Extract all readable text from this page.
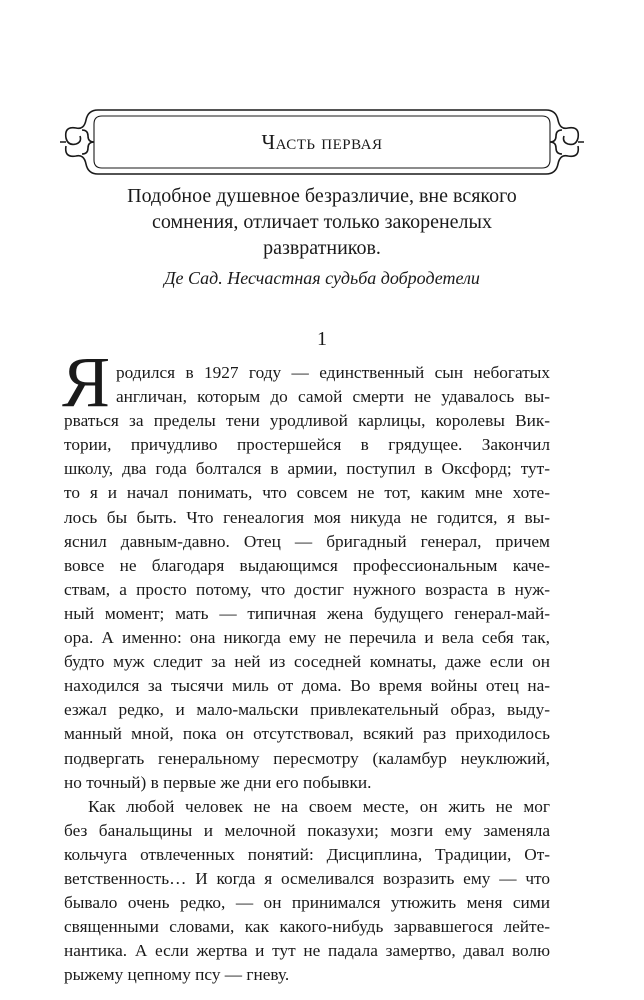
Часть первая
Подобное душевное безразличие, вне всякого
сомнения, отличает только закоренелых
развратников.
Де Сад. Несчастная судьба добродетели
1
Я родился в 1927 году — единственный сын небогатых
англичан, которым до самой смерти не удавалось вы-
рваться за пределы тени уродливой карлицы, королевы Вик-
тории, причудливо простершейся в грядущее. Закончил
школу, два года болтался в армии, поступил в Оксфорд; тут-
то я и начал понимать, что совсем не тот, каким мне хоте-
лось бы быть. Что генеалогия моя никуда не годится, я вы-
яснил давным-давно. Отец — бригадный генерал, причем
вовсе не благодаря выдающимся профессиональным каче-
ствам, а просто потому, что достиг нужного возраста в нуж-
ный момент; мать — типичная жена будущего генерал-май-
ора. А именно: она никогда ему не перечила и вела себя так,
будто муж следит за ней из соседней комнаты, даже если он
находился за тысячи миль от дома. Во время войны отец на-
езжал редко, и мало-мальски привлекательный образ, выду-
манный мной, пока он отсутствовал, всякий раз приходилось
подвергать генеральному пересмотру (каламбур неуклюжий,
но точный) в первые же дни его побывки.
Как любой человек не на своем месте, он жить не мог
без банальщины и мелочной показухи; мозги ему заменяла
кольчуга отвлеченных понятий: Дисциплина, Традиции, От-
ветственность… И когда я осмеливался возразить ему — что
бывало очень редко, — он принимался утюжить меня сими
священными словами, как какого-нибудь зарвавшегося лейте-
нантика. А если жертва и тут не падала замертво, давал волю
рыжему цепному псу — гневу.
